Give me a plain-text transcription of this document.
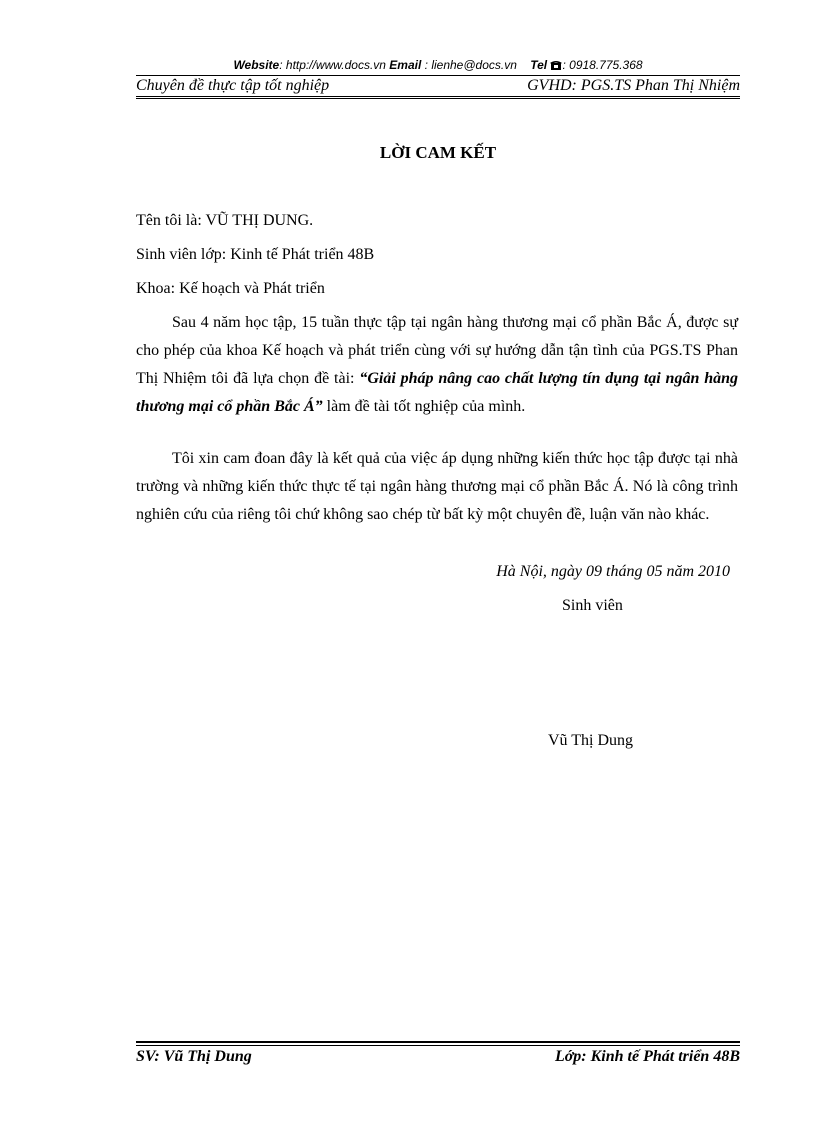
Website: http://www.docs.vn Email : lienhe@docs.vn Tel : 0918.775.368
Chuyên đề thực tập tốt nghiệp	GVHD: PGS.TS Phan Thị Nhiệm
LỜI CAM KẾT
Tên tôi là: VŨ THỊ DUNG.
Sinh viên lớp: Kinh tế Phát triển 48B
Khoa: Kế hoạch và Phát triển
Sau 4 năm học tập, 15 tuần thực tập tại ngân hàng thương mại cổ phần Bắc Á, được sự cho phép của khoa Kế hoạch và phát triển cùng với sự hướng dẫn tận tình của PGS.TS Phan Thị Nhiệm tôi đã lựa chọn đề tài: “Giải pháp nâng cao chất lượng tín dụng tại ngân hàng thương mại cổ phần Bắc Á” làm đề tài tốt nghiệp của mình.
Tôi xin cam đoan đây là kết quả của việc áp dụng những kiến thức học tập được tại nhà trường và những kiến thức thực tế tại ngân hàng thương mại cổ phần Bắc Á. Nó là công trình nghiên cứu của riêng tôi chứ không sao chép từ bất kỳ một chuyên đề, luận văn nào khác.
Hà Nội, ngày 09 tháng 05 năm 2010
Sinh viên
Vũ Thị Dung
SV: Vũ Thị Dung	Lớp: Kinh tế Phát triển 48B
